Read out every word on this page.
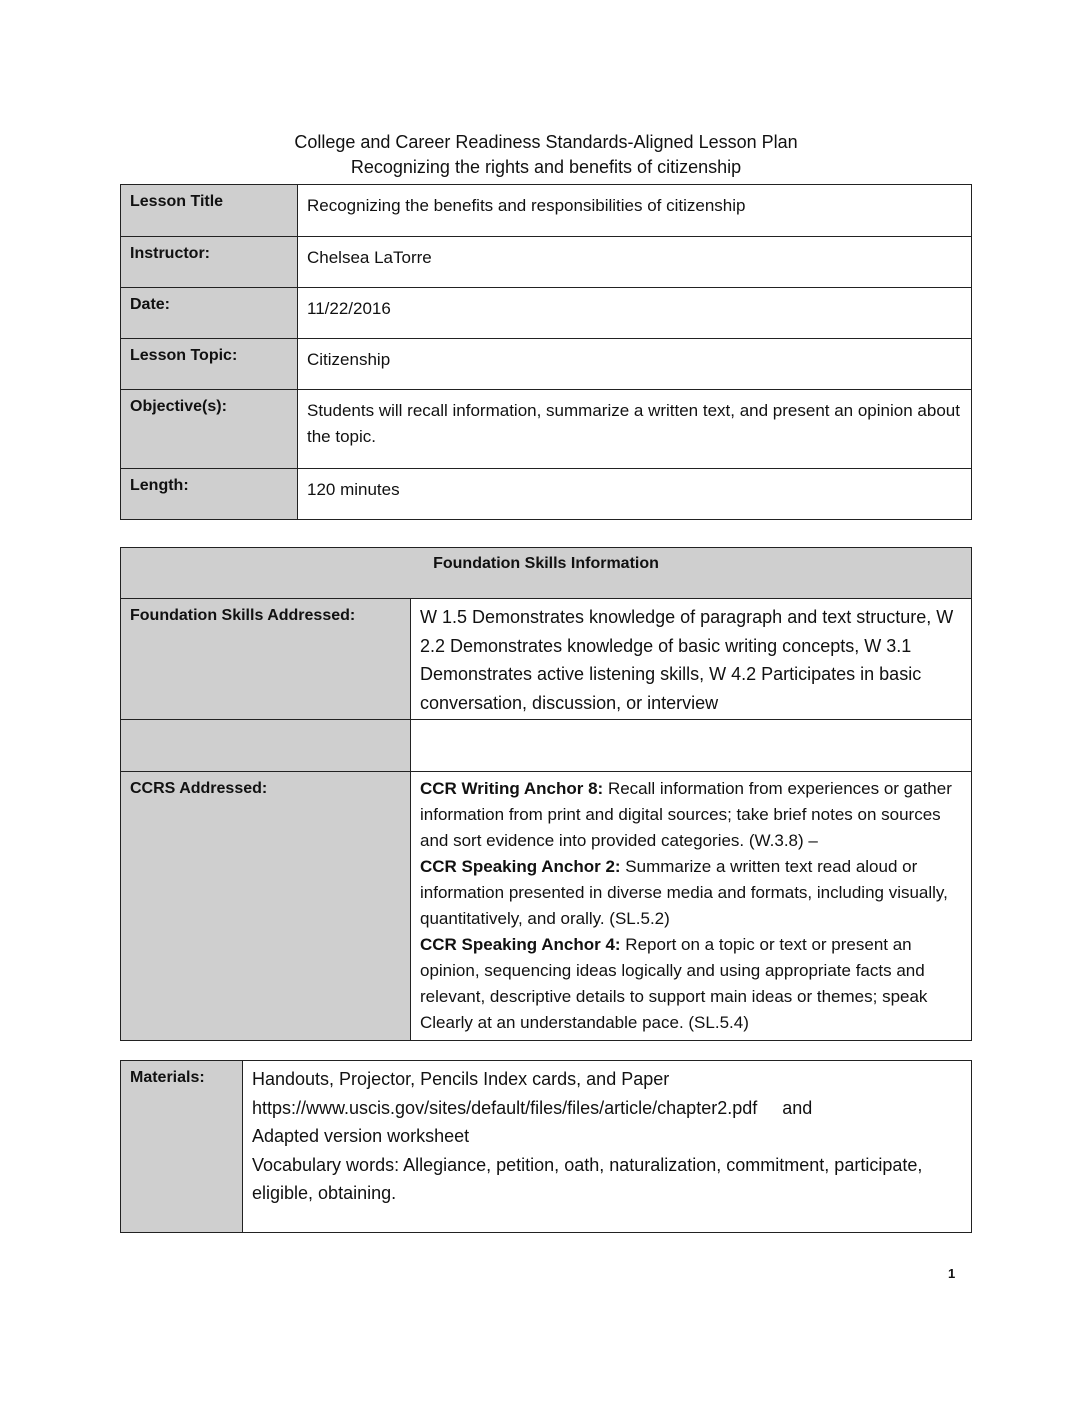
College and Career Readiness Standards-Aligned Lesson Plan
Recognizing the rights and benefits of citizenship
Lesson Title	Recognizing the benefits and responsibilities of citizenship
Instructor:	Chelsea LaTorre
Date:	11/22/2016
Lesson Topic:	Citizenship
Objective(s):	Students will recall information, summarize a written text, and present an opinion about the topic.
Length:	120 minutes
Foundation Skills Information	
Foundation Skills Addressed:	W 1.5 Demonstrates knowledge of paragraph and text structure, W 2.2 Demonstrates knowledge of basic writing concepts, W 3.1 Demonstrates active listening skills, W 4.2 Participates in basic conversation, discussion, or interview

CCRS Addressed:	CCR Writing Anchor 8: Recall information from experiences or gather information from print and digital sources; take brief notes on sources and sort evidence into provided categories. (W.3.8) –
CCR Speaking Anchor 2: Summarize a written text read aloud or information presented in diverse media and formats, including visually, quantitatively, and orally. (SL.5.2)
CCR Speaking Anchor 4: Report on a topic or text or present an opinion, sequencing ideas logically and using appropriate facts and relevant, descriptive details to support main ideas or themes; speak Clearly at an understandable pace. (SL.5.4)
Materials:	Handouts, Projector, Pencils Index cards, and Paper
https://www.uscis.gov/sites/default/files/files/article/chapter2.pdf     and
Adapted version worksheet
Vocabulary words: Allegiance, petition, oath, naturalization, commitment, participate, eligible, obtaining.
1
